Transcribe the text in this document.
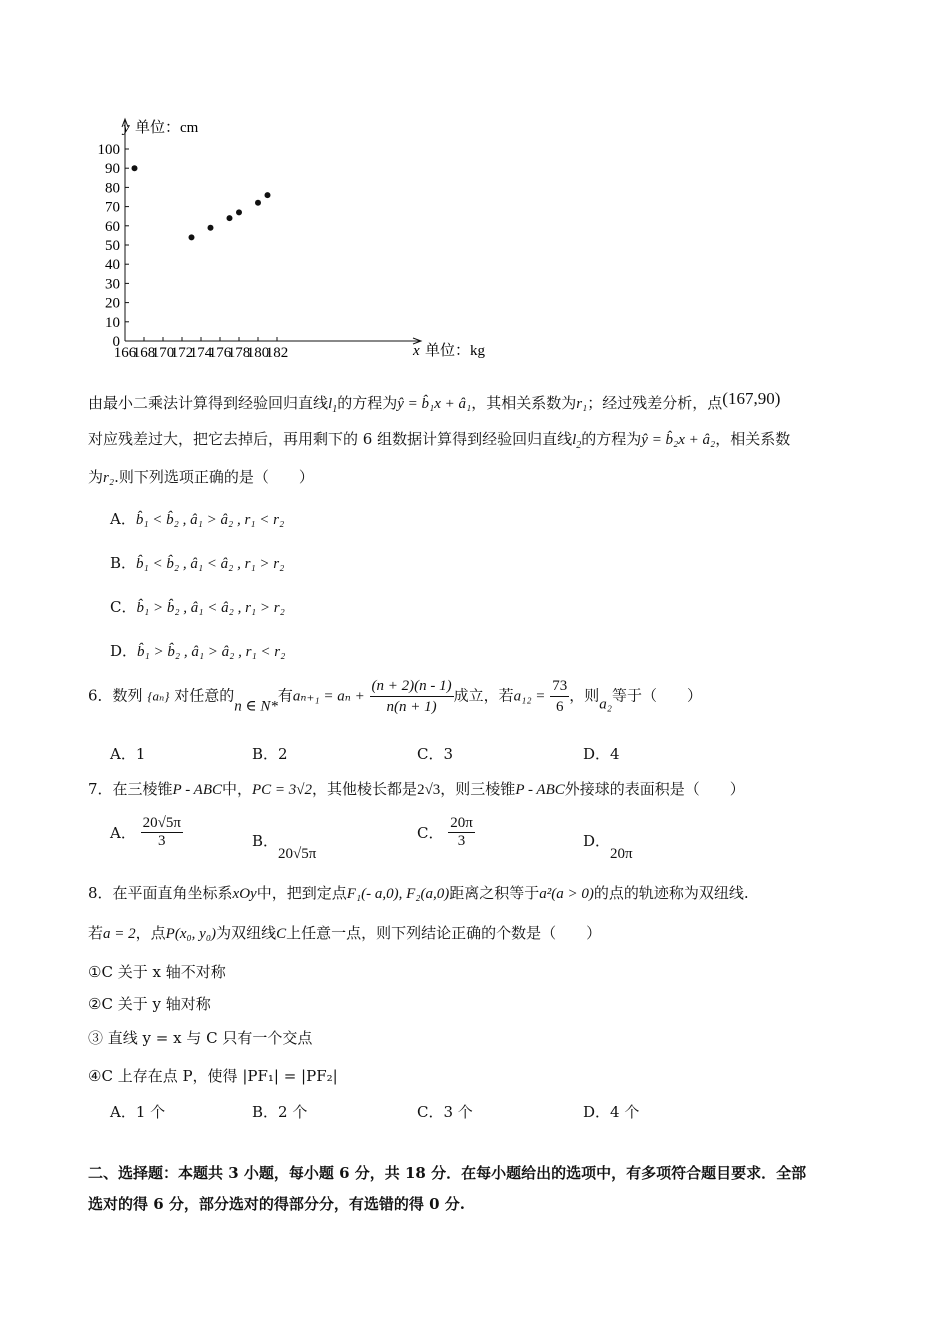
0
10
20
30
40
50
60
70
80
90
100
166
168
170
172
174
176
178
180
182
y 单位：cm
x 单位：kg
由最小二乘法计算得到经验回归直线$l_1$的方程为ŷ = b̂₁x + â₁，其相关系数为r₁；经过残差分析，点(167,90)
对应残差过大，把它去掉后，再用剩下的 6 组数据计算得到经验回归直线$l_2$的方程为ŷ = b̂₂x + â₂，相关系数
为r₂.则下列选项正确的是（　　）
A．b̂₁ < b̂₂ , â₁ > â₂ , r₁ < r₂
B．b̂₁ < b̂₂ , â₁ < â₂ , r₁ > r₂
C．b̂₁ > b̂₂ , â₁ < â₂ , r₁ > r₂
D．b̂₁ > b̂₂ , â₁ > â₂ , r₁ < r₂
6．数列 {aₙ} 对任意的n ∈ N*有$a_{n+1} = a_n + \frac{(n + 2)(n - 1)}{n(n + 1)}$ 成立，若$a_{12} = \frac{73}{6}$ ，则a₂等于（　　）
A．1	B．2	C．3	D．4
7．在三棱锥P - ABC中，PC = 3√2，其他棱长都是2√3，则三棱锥P - ABC外接球的表面积是（　　）
A． $\frac{20√5\pi}{3}$	B．20√5π
C． $\frac{20\pi}{3}$	D．20π
8．在平面直角坐标系xOy中，把到定点F₁(- a,0), F₂(a,0)距离之积等于a²(a > 0)的点的轨迹称为双纽线.
若a = 2，点P(x₀, y₀)为双纽线C上任意一点，则下列结论正确的个数是（　　）
①C 关于 x 轴不对称
②C 关于 y 轴对称
③ 直线 y = x 与 C 只有一个交点
④C 上存在点 P，使得 |PF₁| = |PF₂|
A．1 个	B．2 个	C．3 个	D．4 个
二、选择题：本题共 3 小题，每小题 6 分，共 18 分．在每小题给出的选项中，有多项符合题目要求．全部
选对的得 6 分，部分选对的得部分分，有选错的得 0 分.
